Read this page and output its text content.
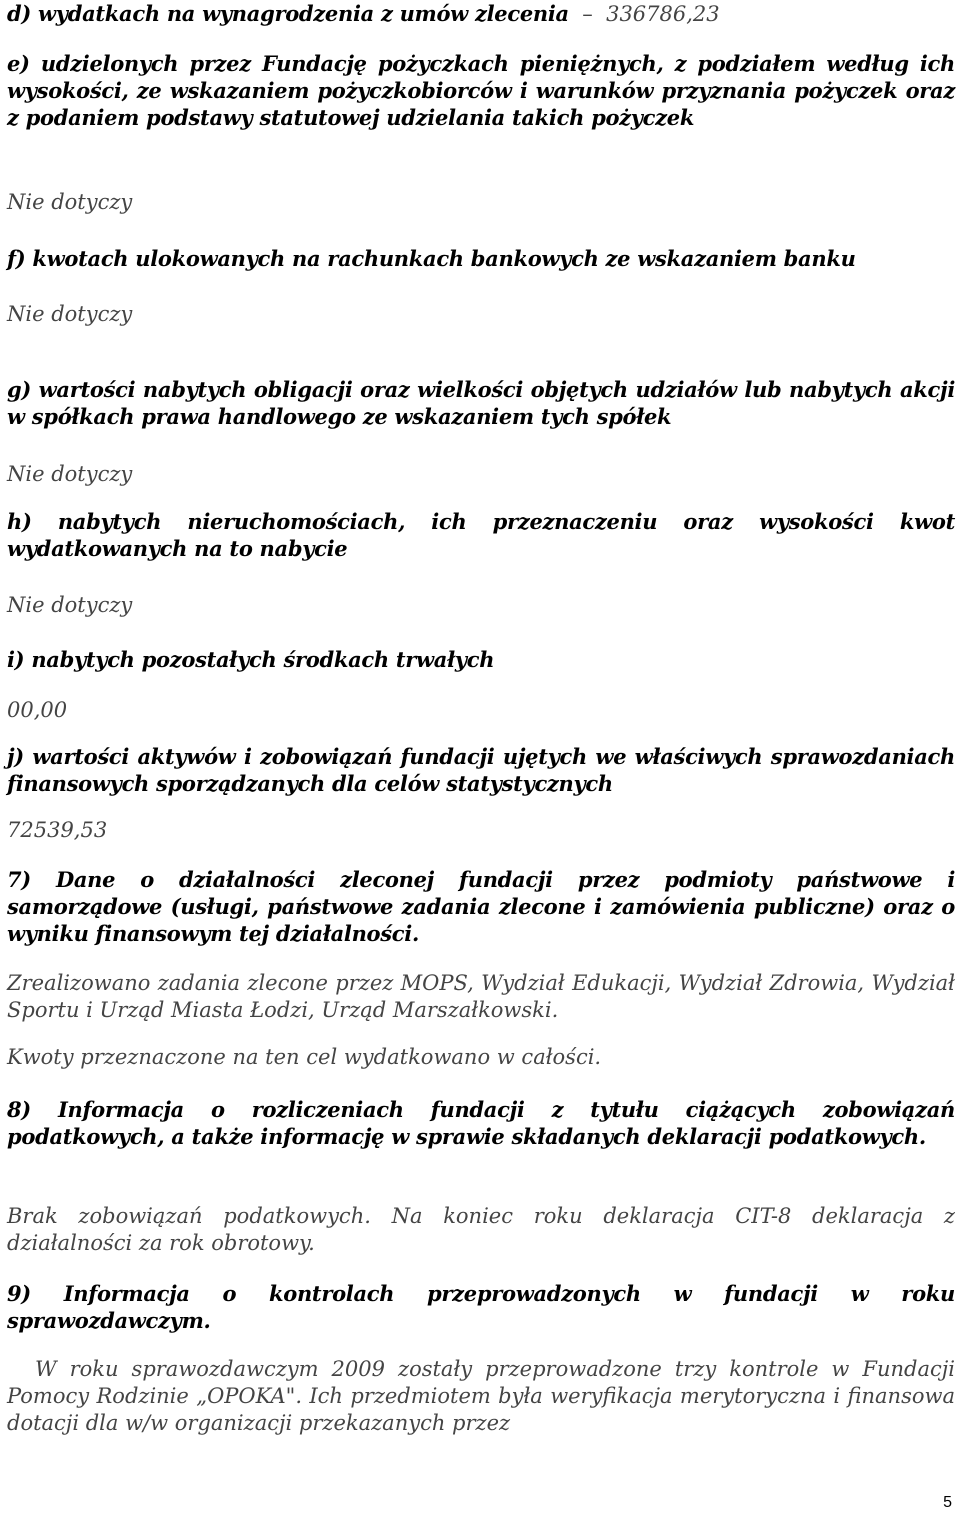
d) wydatkach na wynagrodzenia z umów zlecenia  –  336786,23
e) udzielonych przez Fundację pożyczkach pieniężnych, z podziałem według ich wysokości, ze wskazaniem pożyczkobiorców i warunków przyznania pożyczek oraz z podaniem podstawy statutowej udzielania takich pożyczek
Nie dotyczy
f) kwotach ulokowanych na rachunkach bankowych ze wskazaniem banku
Nie dotyczy
g) wartości nabytych obligacji oraz wielkości objętych udziałów lub nabytych akcji w spółkach prawa handlowego ze wskazaniem tych spółek
Nie dotyczy
h) nabytych nieruchomościach, ich przeznaczeniu oraz wysokości kwot wydatkowanych na to nabycie
Nie dotyczy
i) nabytych pozostałych środkach trwałych
00,00
j) wartości aktywów i zobowiązań fundacji ujętych we właściwych sprawozdaniach finansowych sporządzanych dla celów statystycznych
72539,53
7) Dane o działalności zleconej fundacji przez podmioty państwowe i samorządowe (usługi, państwowe zadania zlecone i zamówienia publiczne) oraz o wyniku finansowym tej działalności.
Zrealizowano zadania zlecone przez MOPS, Wydział Edukacji, Wydział Zdrowia, Wydział Sportu i Urząd Miasta Łodzi, Urząd Marszałkowski.
Kwoty przeznaczone na ten cel wydatkowano w całości.
8) Informacja o rozliczeniach fundacji z tytułu ciążących zobowiązań podatkowych, a także informację w sprawie składanych deklaracji podatkowych.
Brak zobowiązań podatkowych. Na koniec roku deklaracja CIT-8 deklaracja z działalności za rok obrotowy.
9) Informacja o kontrolach przeprowadzonych w fundacji w roku sprawozdawczym.
W roku sprawozdawczym 2009 zostały przeprowadzone trzy kontrole w Fundacji Pomocy Rodzinie „OPOKA". Ich przedmiotem była weryfikacja merytoryczna i finansowa dotacji dla w/w organizacji przekazanych przez
5
